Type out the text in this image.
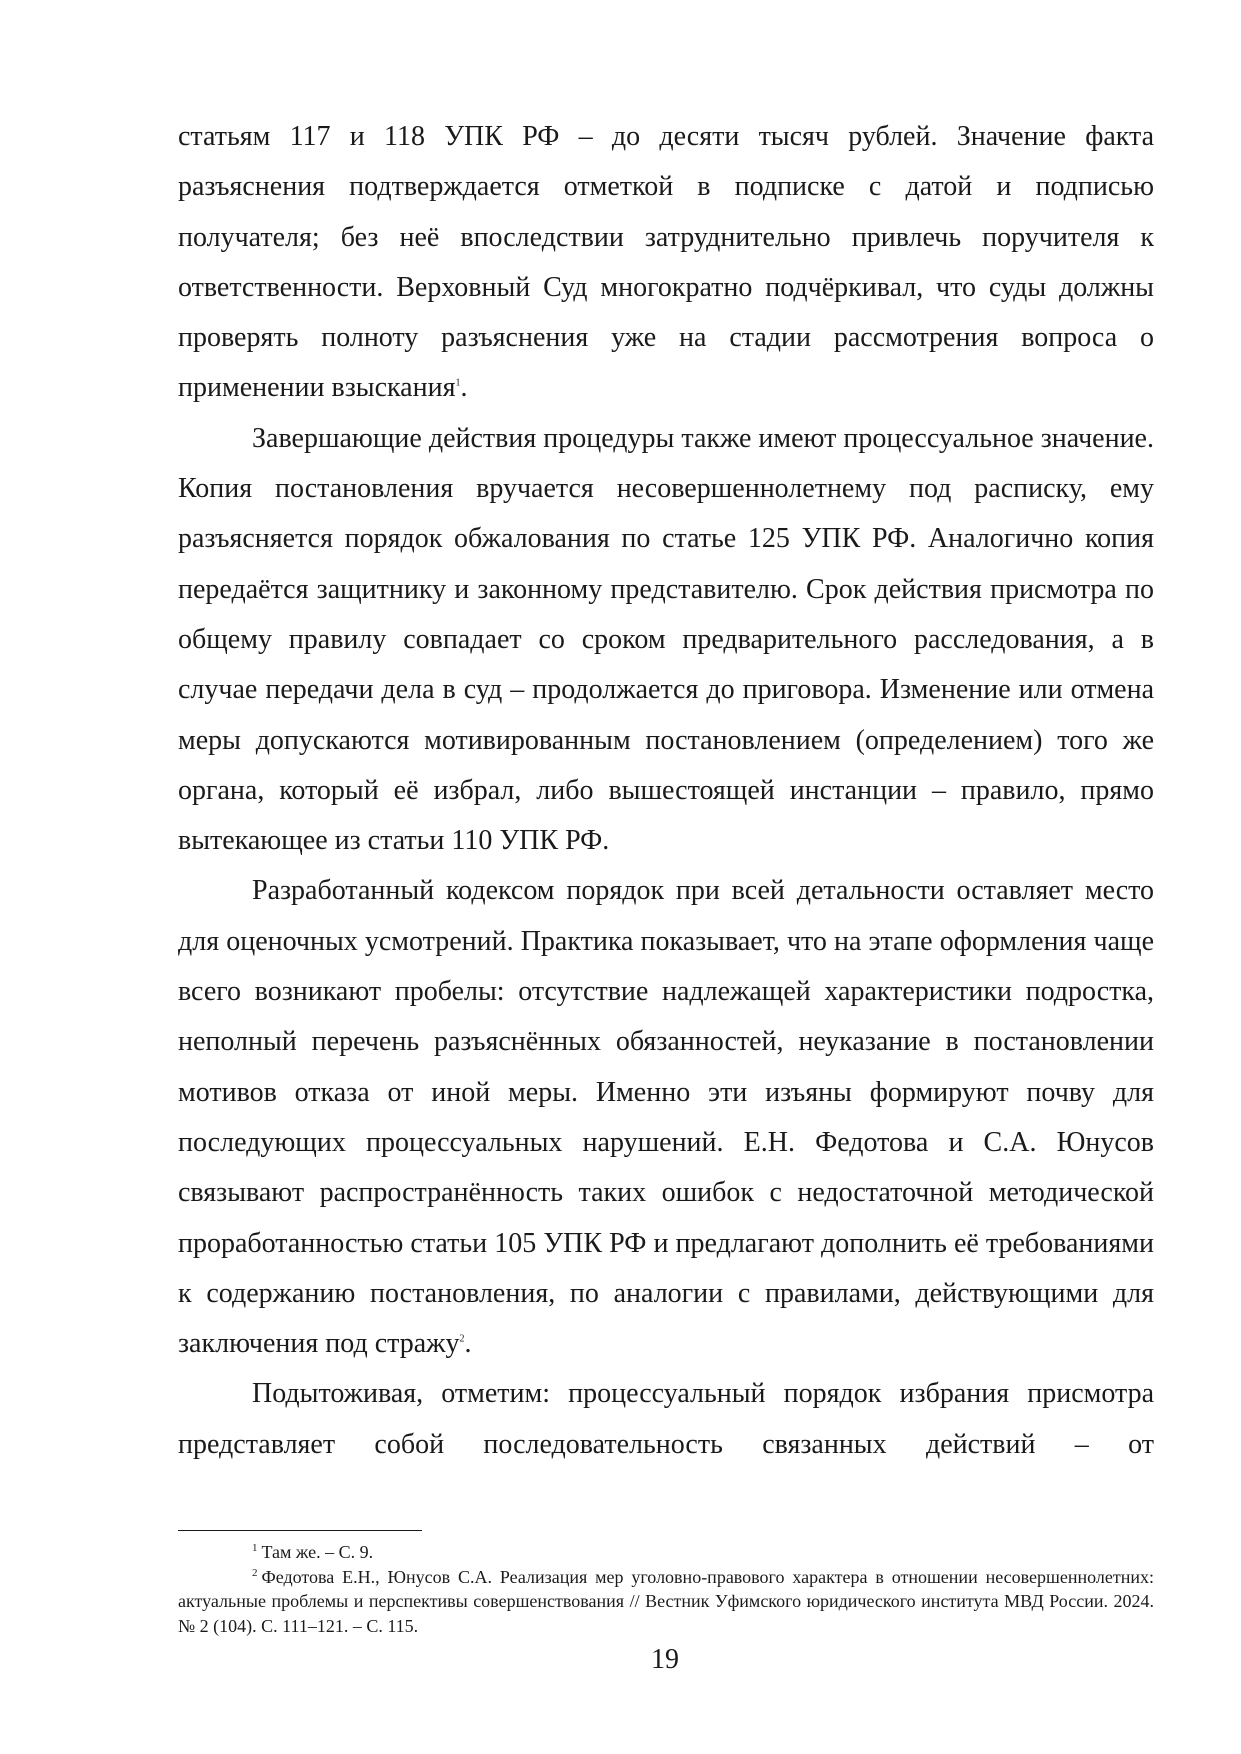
статьям 117 и 118 УПК РФ – до десяти тысяч рублей. Значение факта разъяснения подтверждается отметкой в подписке с датой и подписью получателя; без неё впоследствии затруднительно привлечь поручителя к ответственности. Верховный Суд многократно подчёркивал, что суды должны проверять полноту разъяснения уже на стадии рассмотрения вопроса о применении взыскания$^1$.

Завершающие действия процедуры также имеют процессуальное значение. Копия постановления вручается несовершеннолетнему под расписку, ему разъясняется порядок обжалования по статье 125 УПК РФ. Аналогично копия передаётся защитнику и законному представителю. Срок действия присмотра по общему правилу совпадает со сроком предварительного расследования, а в случае передачи дела в суд – продолжается до приговора. Изменение или отмена меры допускаются мотивированным постановлением (определением) того же органа, который её избрал, либо вышестоящей инстанции – правило, прямо вытекающее из статьи 110 УПК РФ.

Разработанный кодексом порядок при всей детальности оставляет место для оценочных усмотрений. Практика показывает, что на этапе оформления чаще всего возникают пробелы: отсутствие надлежащей характеристики подростка, неполный перечень разъяснённых обязанностей, неуказание в постановлении мотивов отказа от иной меры. Именно эти изъяны формируют почву для последующих процессуальных нарушений. Е.Н. Федотова и С.А. Юнусов связывают распространённость таких ошибок с недостаточной методической проработанностью статьи 105 УПК РФ и предлагают дополнить её требованиями к содержанию постановления, по аналогии с правилами, действующими для заключения под стражу$^2$.

Подытоживая, отметим: процессуальный порядок избрания присмотра представляет собой последовательность связанных действий – от

$^1$ Там же. – С. 9.

$^2$ Федотова Е.Н., Юнусов С.А. Реализация мер уголовно-правового характера в отношении несовершеннолетних: актуальные проблемы и перспективы совершенствования // Вестник Уфимского юридического института МВД России. 2024. № 2 (104). С. 111–121. – С. 115.

19
